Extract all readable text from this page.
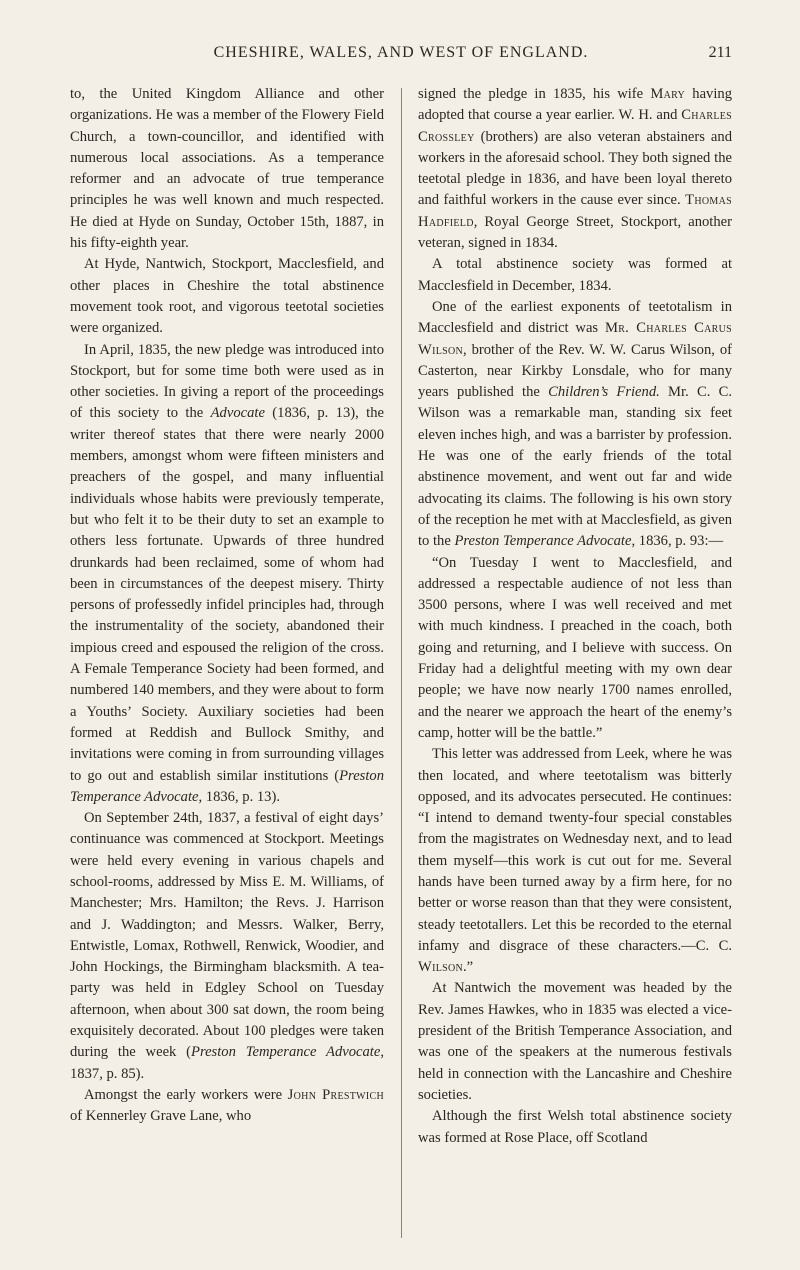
CHESHIRE, WALES, AND WEST OF ENGLAND.	211

to, the United Kingdom Alliance and other organizations. He was a member of the Flowery Field Church, a town-councillor, and identified with numerous local associations. As a temperance reformer and an advocate of true temperance principles he was well known and much respected. He died at Hyde on Sunday, October 15th, 1887, in his fifty-eighth year.

At Hyde, Nantwich, Stockport, Macclesfield, and other places in Cheshire the total abstinence movement took root, and vigorous teetotal societies were organized.

In April, 1835, the new pledge was introduced into Stockport, but for some time both were used as in other societies. In giving a report of the proceedings of this society to the Advocate (1836, p. 13), the writer thereof states that there were nearly 2000 members, amongst whom were fifteen ministers and preachers of the gospel, and many influential individuals whose habits were previously temperate, but who felt it to be their duty to set an example to others less fortunate. Upwards of three hundred drunkards had been reclaimed, some of whom had been in circumstances of the deepest misery. Thirty persons of professedly infidel principles had, through the instrumentality of the society, abandoned their impious creed and espoused the religion of the cross. A Female Temperance Society had been formed, and numbered 140 members, and they were about to form a Youths’ Society. Auxiliary societies had been formed at Reddish and Bullock Smithy, and invitations were coming in from surrounding villages to go out and establish similar institutions (Preston Temperance Advocate, 1836, p. 13).

On September 24th, 1837, a festival of eight days’ continuance was commenced at Stockport. Meetings were held every evening in various chapels and school-rooms, addressed by Miss E. M. Williams, of Manchester; Mrs. Hamilton; the Revs. J. Harrison and J. Waddington; and Messrs. Walker, Berry, Entwistle, Lomax, Rothwell, Renwick, Woodier, and John Hockings, the Birmingham blacksmith. A tea-party was held in Edgley School on Tuesday afternoon, when about 300 sat down, the room being exquisitely decorated. About 100 pledges were taken during the week (Preston Temperance Advocate, 1837, p. 85).

Amongst the early workers were John Prestwich of Kennerley Grave Lane, who

signed the pledge in 1835, his wife Mary having adopted that course a year earlier. W. H. and Charles Crossley (brothers) are also veteran abstainers and workers in the aforesaid school. They both signed the teetotal pledge in 1836, and have been loyal thereto and faithful workers in the cause ever since. Thomas Hadfield, Royal George Street, Stockport, another veteran, signed in 1834.

A total abstinence society was formed at Macclesfield in December, 1834.

One of the earliest exponents of teetotalism in Macclesfield and district was Mr. Charles Carus Wilson, brother of the Rev. W. W. Carus Wilson, of Casterton, near Kirkby Lonsdale, who for many years published the Children’s Friend. Mr. C. C. Wilson was a remarkable man, standing six feet eleven inches high, and was a barrister by profession. He was one of the early friends of the total abstinence movement, and went out far and wide advocating its claims. The following is his own story of the reception he met with at Macclesfield, as given to the Preston Temperance Advocate, 1836, p. 93:—

“On Tuesday I went to Macclesfield, and addressed a respectable audience of not less than 3500 persons, where I was well received and met with much kindness. I preached in the coach, both going and returning, and I believe with success. On Friday had a delightful meeting with my own dear people; we have now nearly 1700 names enrolled, and the nearer we approach the heart of the enemy’s camp, hotter will be the battle.”

This letter was addressed from Leek, where he was then located, and where teetotalism was bitterly opposed, and its advocates persecuted. He continues: “I intend to demand twenty-four special constables from the magistrates on Wednesday next, and to lead them myself—this work is cut out for me. Several hands have been turned away by a firm here, for no better or worse reason than that they were consistent, steady teetotallers. Let this be recorded to the eternal infamy and disgrace of these characters.—C. C. Wilson.”

At Nantwich the movement was headed by the Rev. James Hawkes, who in 1835 was elected a vice-president of the British Temperance Association, and was one of the speakers at the numerous festivals held in connection with the Lancashire and Cheshire societies.

Although the first Welsh total abstinence society was formed at Rose Place, off Scotland
